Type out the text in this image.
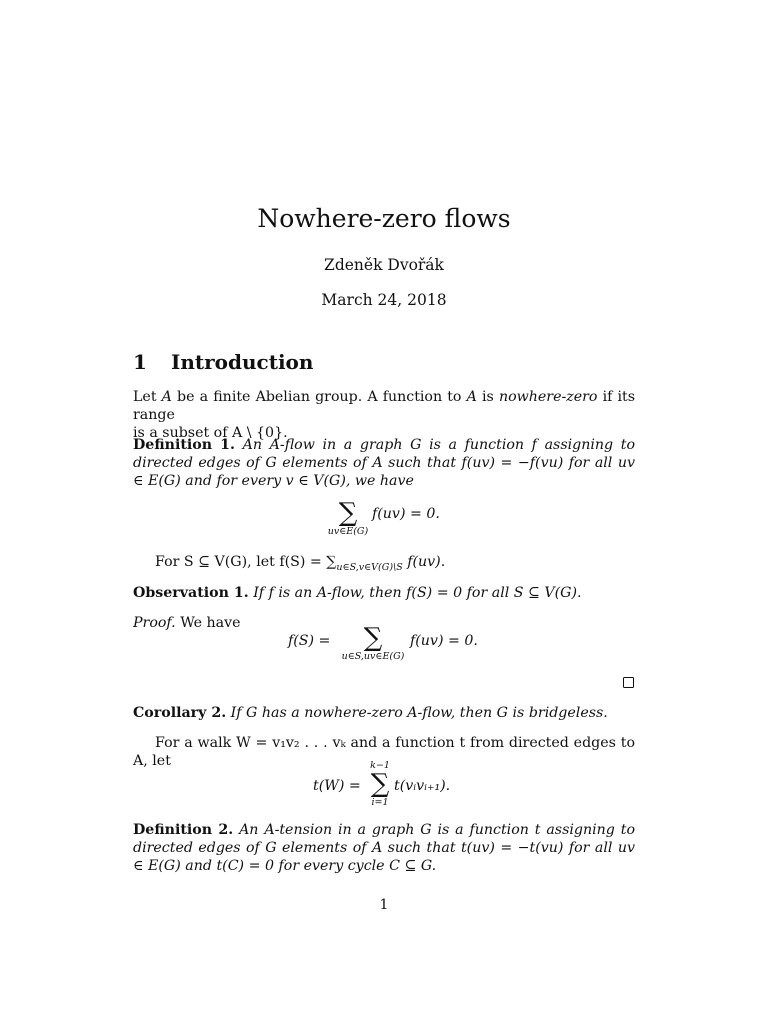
Nowhere-zero flows
Zdeněk Dvořák
March 24, 2018
1 Introduction
Let A be a finite Abelian group. A function to A is nowhere-zero if its range
is a subset of A \ {0}.
Definition 1. An A-flow in a graph G is a function f assigning to directed edges of G elements of A such that f(uv) = −f(vu) for all uv ∈ E(G) and for every v ∈ V(G), we have
∑
uv∈E(G)
f(uv) = 0.
For S ⊆ V(G), let $f(S) = \sum_{u\in S,v\in V(G)\backslash S}$ f(uv).
Observation 1. If f is an A-flow, then f(S) = 0 for all S ⊆ V(G).
Proof. We have
f(S) =	∑
u∈S,uv∈E(G)
f(uv) = 0.
Corollary 2. If G has a nowhere-zero A-flow, then G is bridgeless.
For a walk W = v₁v₂ . . . vₖ and a function t from directed edges to A, let
t(W) =
k−1
∑
i=1
t(vᵢvᵢ₊₁).
Definition 2. An A-tension in a graph G is a function t assigning to directed edges of G elements of A such that t(uv) = −t(vu) for all uv ∈ E(G) and t(C) = 0 for every cycle C ⊆ G.
1
